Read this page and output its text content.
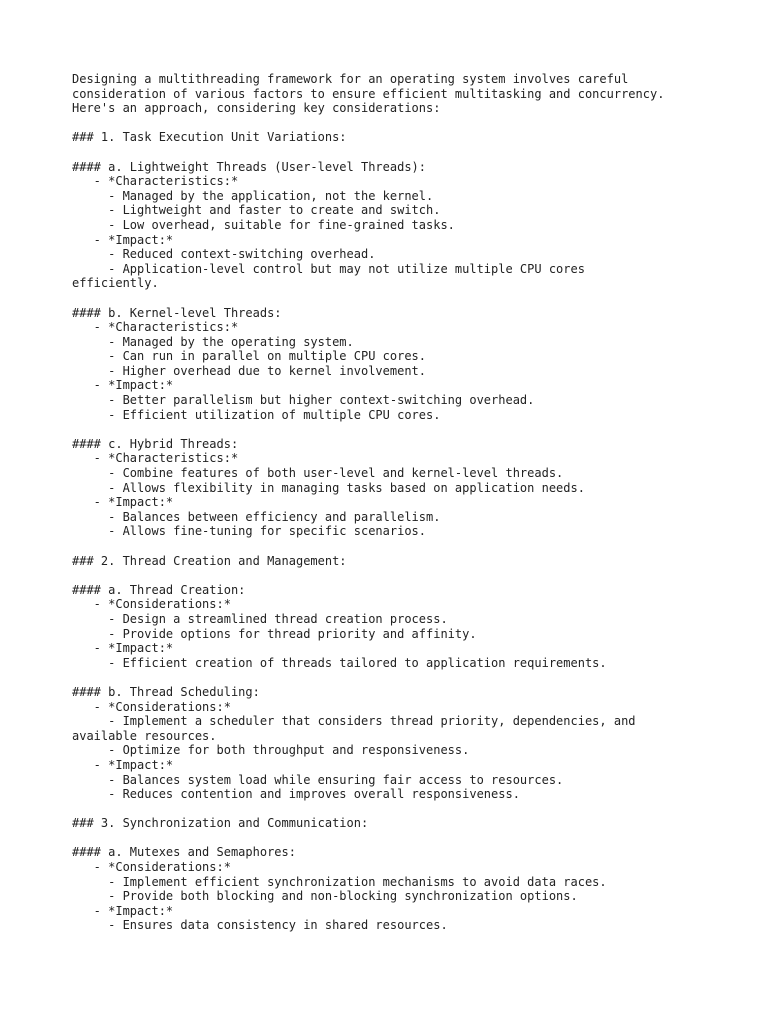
Designing a multithreading framework for an operating system involves careful
consideration of various factors to ensure efficient multitasking and concurrency.
Here's an approach, considering key considerations:
### 1. Task Execution Unit Variations:
#### a. Lightweight Threads (User-level Threads):
- *Characteristics:*
- Managed by the application, not the kernel.
- Lightweight and faster to create and switch.
- Low overhead, suitable for fine-grained tasks.
- *Impact:*
- Reduced context-switching overhead.
- Application-level control but may not utilize multiple CPU cores
efficiently.
#### b. Kernel-level Threads:
- *Characteristics:*
- Managed by the operating system.
- Can run in parallel on multiple CPU cores.
- Higher overhead due to kernel involvement.
- *Impact:*
- Better parallelism but higher context-switching overhead.
- Efficient utilization of multiple CPU cores.
#### c. Hybrid Threads:
- *Characteristics:*
- Combine features of both user-level and kernel-level threads.
- Allows flexibility in managing tasks based on application needs.
- *Impact:*
- Balances between efficiency and parallelism.
- Allows fine-tuning for specific scenarios.
### 2. Thread Creation and Management:
#### a. Thread Creation:
- *Considerations:*
- Design a streamlined thread creation process.
- Provide options for thread priority and affinity.
- *Impact:*
- Efficient creation of threads tailored to application requirements.
#### b. Thread Scheduling:
- *Considerations:*
- Implement a scheduler that considers thread priority, dependencies, and
available resources.
- Optimize for both throughput and responsiveness.
- *Impact:*
- Balances system load while ensuring fair access to resources.
- Reduces contention and improves overall responsiveness.
### 3. Synchronization and Communication:
#### a. Mutexes and Semaphores:
- *Considerations:*
- Implement efficient synchronization mechanisms to avoid data races.
- Provide both blocking and non-blocking synchronization options.
- *Impact:*
- Ensures data consistency in shared resources.
